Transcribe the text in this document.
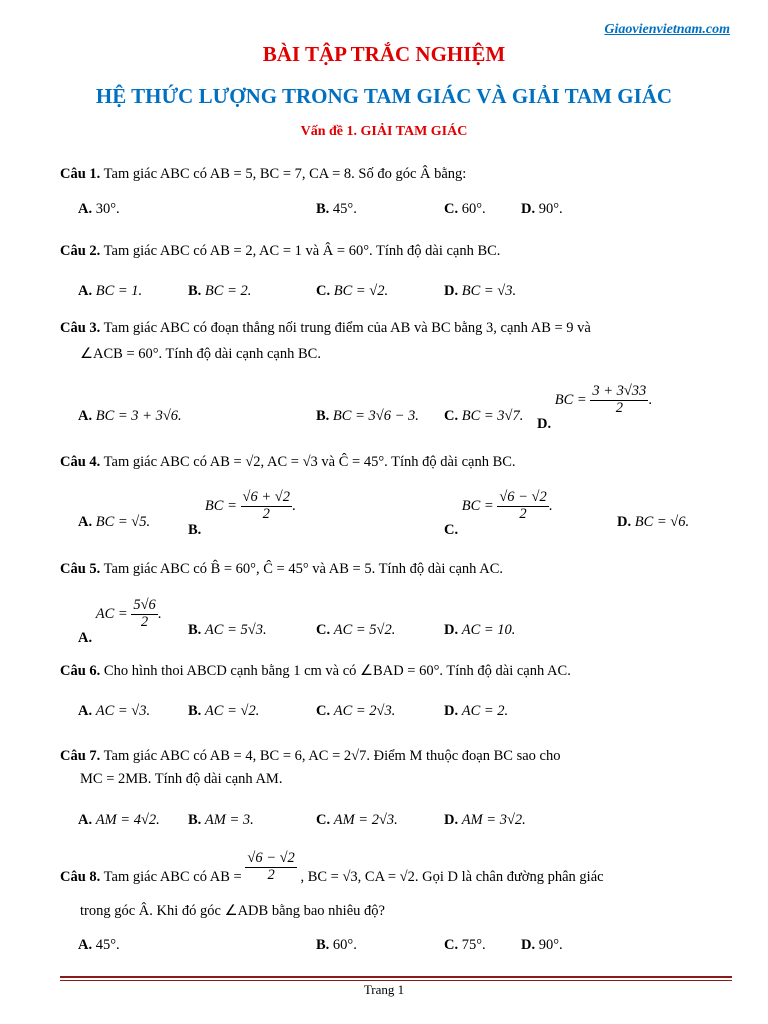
Giaovienvietnam.com
BÀI TẬP TRẮC NGHIỆM
HỆ THỨC LƯỢNG TRONG TAM GIÁC VÀ GIẢI TAM GIÁC
Vấn đề 1. GIẢI TAM GIÁC
Câu 1. Tam giác ABC có AB = 5, BC = 7, CA = 8. Số đo góc Â bằng:
A. 30°.	B. 45°.	C. 60°. D. 90°.
Câu 2. Tam giác ABC có AB = 2, AC = 1 và Â = 60°. Tính độ dài cạnh BC.
A. BC = 1.	B. BC = 2.	C. BC = √2.	D. BC = √3.
Câu 3. Tam giác ABC có đoạn thẳng nối trung điểm của AB và BC bằng 3, cạnh AB = 9 và
∠ACB = 60°. Tính độ dài cạnh cạnh BC.
A. BC = 3 + 3√6.	B. BC = 3√6 − 3. C. BC = 3√7. D. BC = $\frac{3 + 3√33}{2}$ .
Câu 4. Tam giác ABC có AB = √2, AC = √3 và Ĉ = 45°. Tính độ dài cạnh BC.
A. BC = √5.	B. BC = $\frac{√6 + √2}{2}$ .
C. BC = $\frac{√6 - √2}{2}$ .
D. BC = √6.
Câu 5. Tam giác ABC có B̂ = 60°, Ĉ = 45° và AB = 5. Tính độ dài cạnh AC.
A. AC = $\frac{5√6}{2}$ .
B. AC = 5√3.	C. AC = 5√2.	D. AC = 10.
Câu 6. Cho hình thoi ABCD cạnh bằng 1 cm và có ∠BAD = 60°. Tính độ dài cạnh AC.
A. AC = √3.	B. AC = √2.	C. AC = 2√3.	D. AC = 2.
Câu 7. Tam giác ABC có AB = 4, BC = 6, AC = 2√7. Điểm M thuộc đoạn BC sao cho
MC = 2MB. Tính độ dài cạnh AM.
A. AM = 4√2. B. AM = 3.	C. AM = 2√3.	D. AM = 3√2.
Câu 8. Tam giác ABC có AB = $\frac{√6 - √2}{2}$ , BC = √3, CA = √2. Gọi D là chân đường phân giác
trong góc Â. Khi đó góc ∠ADB bằng bao nhiêu độ?
A. 45°.	B. 60°.	C. 75°. D. 90°.
Trang 1
